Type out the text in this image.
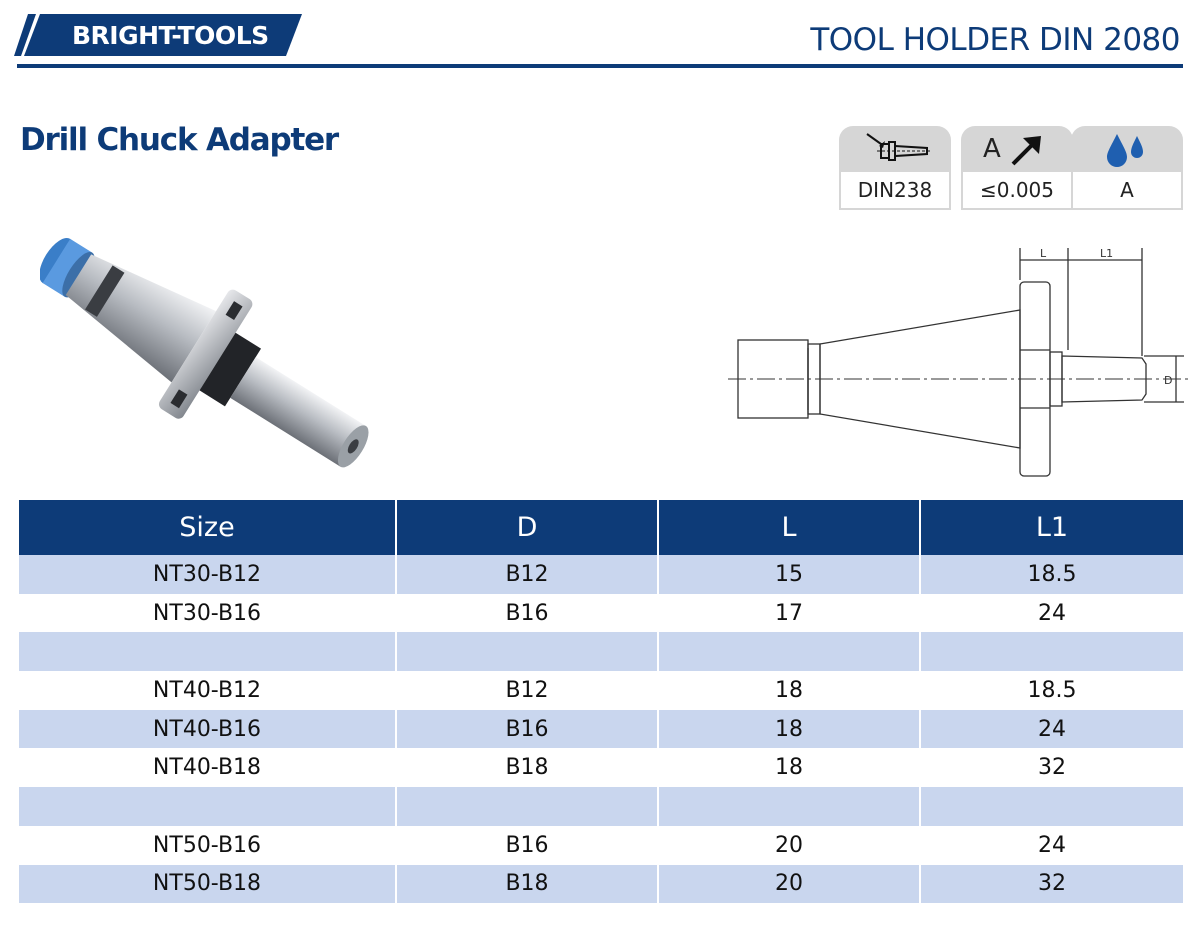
BRIGHT-TOOLS	TOOL HOLDER DIN 2080
Drill Chuck Adapter
DIN238
A
≤0.005	A
L	L1
D
Size	D	L	L1
NT30-B12	B12	15	18.5
NT30-B16	B16	17	24

NT40-B12	B12	18	18.5
NT40-B16	B16	18	24
NT40-B18	B18	18	32

NT50-B16	B16	20	24
NT50-B18	B18	20	32
